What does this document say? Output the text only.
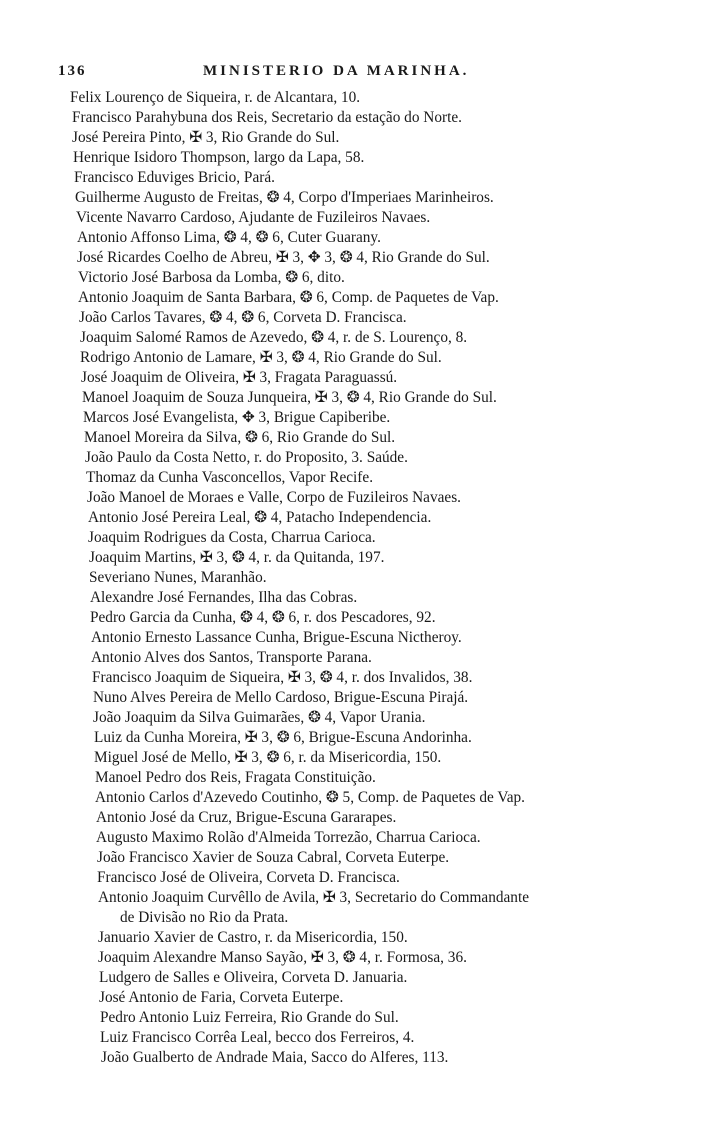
136	MINISTERIO DA MARINHA.
Felix Lourenço de Siqueira, r. de Alcantara, 10.
Francisco Parahybuna dos Reis, Secretario da estação do Norte.
José Pereira Pinto, ✠ 3, Rio Grande do Sul.
Henrique Isidoro Thompson, largo da Lapa, 58.
Francisco Eduviges Bricio, Pará.
Guilherme Augusto de Freitas, ❂ 4, Corpo d'Imperiaes Marinheiros.
Vicente Navarro Cardoso, Ajudante de Fuzileiros Navaes.
Antonio Affonso Lima, ❂ 4, ❂ 6, Cuter Guarany.
José Ricardes Coelho de Abreu, ✠ 3, ✥ 3, ❂ 4, Rio Grande do Sul.
Victorio José Barbosa da Lomba, ❂ 6, dito.
Antonio Joaquim de Santa Barbara, ❂ 6, Comp. de Paquetes de Vap.
João Carlos Tavares, ❂ 4, ❂ 6, Corveta D. Francisca.
Joaquim Salomé Ramos de Azevedo, ❂ 4, r. de S. Lourenço, 8.
Rodrigo Antonio de Lamare, ✠ 3, ❂ 4, Rio Grande do Sul.
José Joaquim de Oliveira, ✠ 3, Fragata Paraguassú.
Manoel Joaquim de Souza Junqueira, ✠ 3, ❂ 4, Rio Grande do Sul.
Marcos José Evangelista, ✥ 3, Brigue Capiberibe.
Manoel Moreira da Silva, ❂ 6, Rio Grande do Sul.
João Paulo da Costa Netto, r. do Proposito, 3. Saúde.
Thomaz da Cunha Vasconcellos, Vapor Recife.
João Manoel de Moraes e Valle, Corpo de Fuzileiros Navaes.
Antonio José Pereira Leal, ❂ 4, Patacho Independencia.
Joaquim Rodrigues da Costa, Charrua Carioca.
Joaquim Martins, ✠ 3, ❂ 4, r. da Quitanda, 197.
Severiano Nunes, Maranhão.
Alexandre José Fernandes, Ilha das Cobras.
Pedro Garcia da Cunha, ❂ 4, ❂ 6, r. dos Pescadores, 92.
Antonio Ernesto Lassance Cunha, Brigue-Escuna Nictheroy.
Antonio Alves dos Santos, Transporte Parana.
Francisco Joaquim de Siqueira, ✠ 3, ❂ 4, r. dos Invalidos, 38.
Nuno Alves Pereira de Mello Cardoso, Brigue-Escuna Pirajá.
João Joaquim da Silva Guimarães, ❂ 4, Vapor Urania.
Luiz da Cunha Moreira, ✠ 3, ❂ 6, Brigue-Escuna Andorinha.
Miguel José de Mello, ✠ 3, ❂ 6, r. da Misericordia, 150.
Manoel Pedro dos Reis, Fragata Constituição.
Antonio Carlos d'Azevedo Coutinho, ❂ 5, Comp. de Paquetes de Vap.
Antonio José da Cruz, Brigue-Escuna Gararapes.
Augusto Maximo Rolão d'Almeida Torrezão, Charrua Carioca.
João Francisco Xavier de Souza Cabral, Corveta Euterpe.
Francisco José de Oliveira, Corveta D. Francisca.
Antonio Joaquim Curvêllo de Avila, ✠ 3, Secretario do Commandante
de Divisão no Rio da Prata.
Januario Xavier de Castro, r. da Misericordia, 150.
Joaquim Alexandre Manso Sayão, ✠ 3, ❂ 4, r. Formosa, 36.
Ludgero de Salles e Oliveira, Corveta D. Januaria.
José Antonio de Faria, Corveta Euterpe.
Pedro Antonio Luiz Ferreira, Rio Grande do Sul.
Luiz Francisco Corrêa Leal, becco dos Ferreiros, 4.
João Gualberto de Andrade Maia, Sacco do Alferes, 113.
